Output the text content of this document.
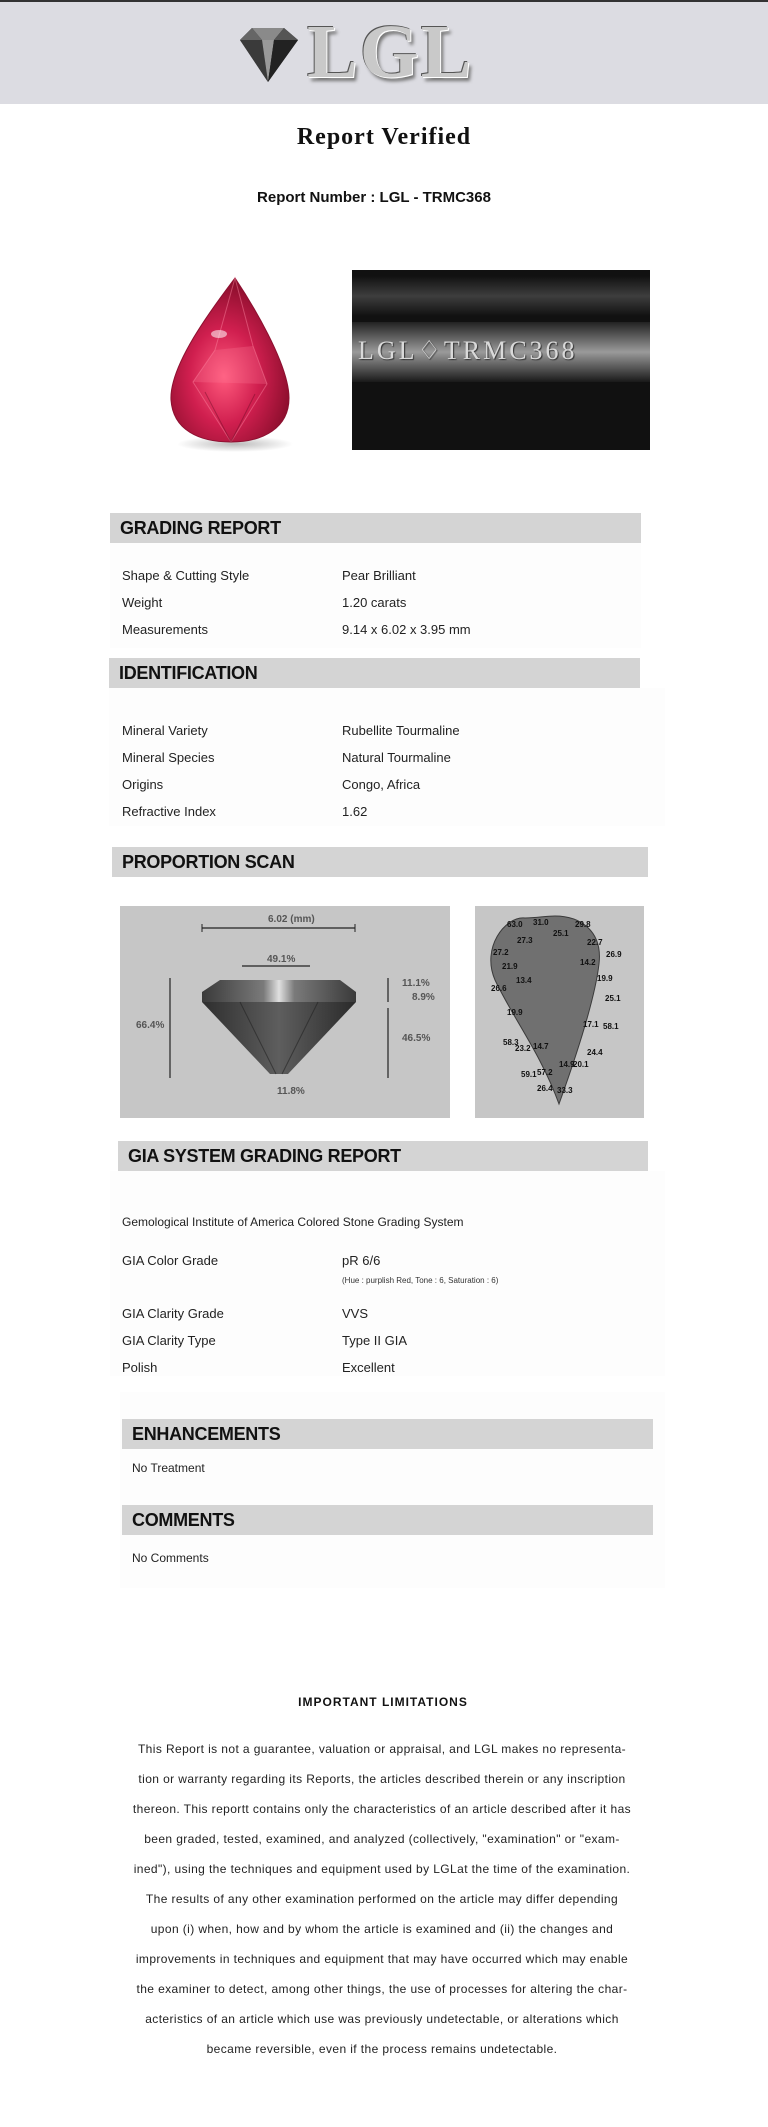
LGL
Report Verified
Report Number : LGL - TRMC368
LGL♢TRMC368
GRADING REPORT
Shape & Cutting Style	Pear Brilliant
Weight	1.20 carats
Measurements	9.14 x 6.02 x 3.95 mm
IDENTIFICATION
Mineral Variety	Rubellite Tourmaline
Mineral Species	Natural Tourmaline
Origins	Congo, Africa
Refractive Index	1.62
PROPORTION SCAN
6.02 (mm)
49.1%
66.4%
11.1%
8.9%
46.5%
11.8%
63.0 31.0	29.8
27.3
25.1
22.7
27.2	26.9
14.2
21.9
13.4	19.9
26.6
25.1
19.9
17.1 58.1
58.3
23.2 14.7
24.4
14.9
20.1
59.1 57.2
26.4 33.3
GIA SYSTEM GRADING REPORT
Gemological Institute of America Colored Stone Grading System
GIA Color Grade	pR 6/6
(Hue : purplish Red, Tone : 6, Saturation : 6)
GIA Clarity Grade	VVS
GIA Clarity Type	Type II GIA
Polish	Excellent
ENHANCEMENTS
No Treatment
COMMENTS
No Comments
IMPORTANT LIMITATIONS
This Report is not a guarantee, valuation or appraisal, and LGL makes no representa-
tion or warranty regarding its Reports, the articles described therein or any inscription
thereon. This reportt contains only the characteristics of an article described after it has
been graded, tested, examined, and analyzed (collectively, "examination" or "exam-
ined"), using the techniques and equipment used by LGLat the time of the examination.
The results of any other examination performed on the article may differ depending
upon (i) when, how and by whom the article is examined and (ii) the changes and
improvements in techniques and equipment that may have occurred which may enable
the examiner to detect, among other things, the use of processes for altering the char-
acteristics of an article which use was previously undetectable, or alterations which
became reversible, even if the process remains undetectable.
